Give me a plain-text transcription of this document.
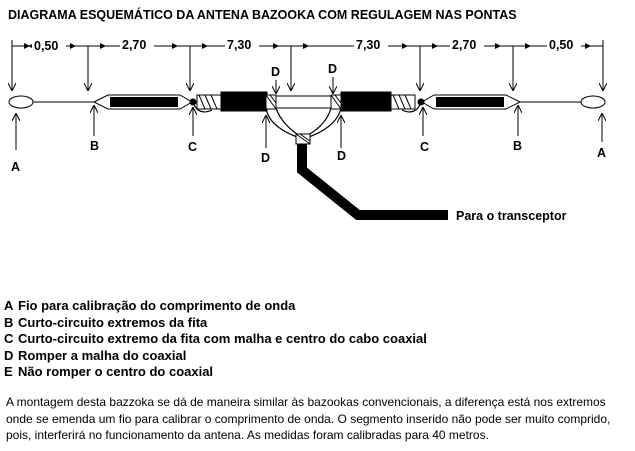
DIAGRAMA ESQUEMÁTICO DA ANTENA BAZOOKA COM REGULAGEM NAS PONTAS
0,50	2,70	7,30	7,30	2,70	0,50
Para o transceptor
A
B	C
D	D
D	D
C	B	A
A Fio para calibração do comprimento de onda
B Curto-circuito extremos da fita
C Curto-circuito extremo da fita com malha e centro do cabo coaxial
D Romper a malha do coaxial
E Não romper o centro do coaxial
A montagem desta bazzoka se dá de maneira similar às bazookas convencionais, a diferença está nos extremos onde se emenda um fio para calibrar o comprimento de onda. O segmento inserido não pode ser muito comprido, pois, interferirá no funcionamento da antena. As medidas foram calibradas para 40 metros.
